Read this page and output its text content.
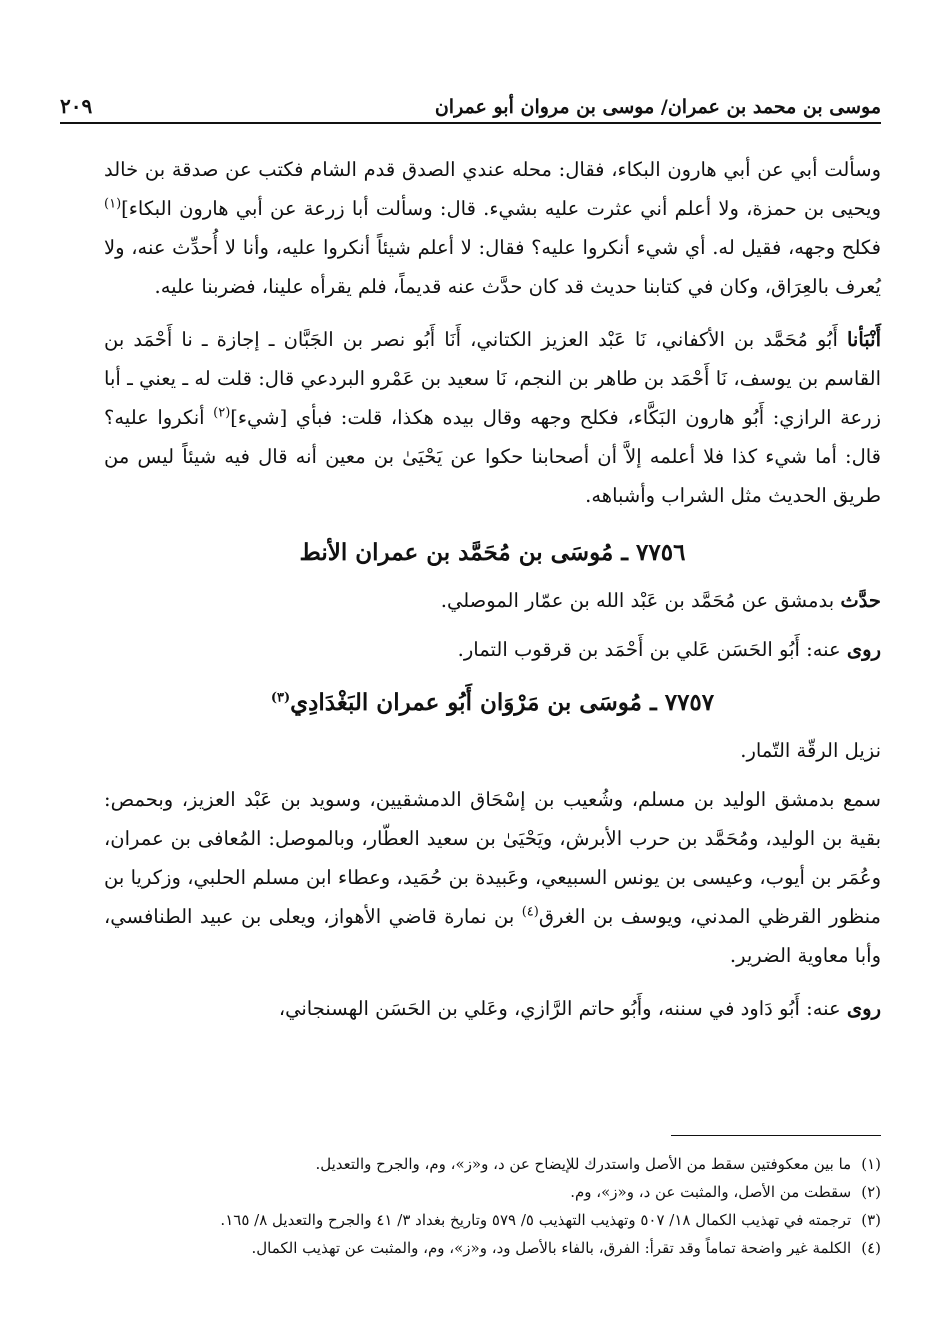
موسى بن محمد بن عمران/ موسى بن مروان أبو عمران
٢٠٩

وسألت أبي عن أبي هارون البكاء، فقال: محله عندي الصدق قدم الشام فكتب عن صدقة بن خالد ويحيى بن حمزة، ولا أعلم أني عثرت عليه بشيء. قال: وسألت أبا زرعة عن أبي هارون البكاء]$^{(١)}$ فكلح وجهه، فقيل له. أي شيء أنكروا عليه؟ فقال: لا أعلم شيئاً أنكروا عليه، وأنا لا أُحدِّث عنه، ولا يُعرف بالعِرَاق، وكان في كتابنا حديث قد كان حدَّث عنه قديماً، فلم يقرأه علينا، فضربنا عليه.

أَنْبَأنا أَبُو مُحَمَّد بن الأكفاني، نَا عَبْد العزيز الكتاني، أَنَا أَبُو نصر بن الجَبَّان ـ إجازة ـ نا أَحْمَد بن القاسم بن يوسف، نَا أَحْمَد بن طاهر بن النجم، نَا سعيد بن عَمْرو البردعي قال: قلت له ـ يعني ـ أبا زرعة الرازي: أَبُو هارون البَكَّاء، فكلح وجهه وقال بيده هكذا، قلت: فبأي [شيء]$^{(٢)}$ أنكروا عليه؟ قال: أما شيء كذا فلا أعلمه إلاَّ أن أصحابنا حكوا عن يَحْيَىٰ بن معين أنه قال فيه شيئاً ليس من طريق الحديث مثل الشراب وأشباهه.

٧٧٥٦ ـ مُوسَى بن مُحَمَّد بن عمران الأنط

حدَّث بدمشق عن مُحَمَّد بن عَبْد الله بن عمّار الموصلي.

روى عنه: أَبُو الحَسَن عَلي بن أَحْمَد بن قرقوب التمار.

٧٧٥٧ ـ مُوسَى بن مَرْوَان أَبُو عمران البَغْدَادِي$^{(٣)}$

نزيل الرقّة التّمار.

سمع بدمشق الوليد بن مسلم، وشُعيب بن إسْحَاق الدمشقيين، وسويد بن عَبْد العزيز، وبحمص: بقية بن الوليد، ومُحَمَّد بن حرب الأبرش، ويَحْيَىٰ بن سعيد العطّار، وبالموصل: المُعافى بن عمران، وعُمَر بن أيوب، وعيسى بن يونس السبيعي، وعَبيدة بن حُمَيد، وعطاء ابن مسلم الحلبي، وزكريا بن منظور القرظي المدني، ويوسف بن الغرق$^{(٤)}$ بن نمارة قاضي الأهواز، ويعلى بن عبيد الطنافسي، وأبا معاوية الضرير.

روى عنه: أَبُو دَاود في سننه، وأَبُو حاتم الرَّازي، وعَلي بن الحَسَن الهسنجاني،

(١)
ما بين معكوفتين سقط من الأصل واستدرك للإيضاح عن د، و«ز»، وم، والجرح والتعديل.
(٢)
سقطت من الأصل، والمثبت عن د، و«ز»، وم.
(٣)
ترجمته في تهذيب الكمال ١٨/ ٥٠٧ وتهذيب التهذيب ٥/ ٥٧٩ وتاريخ بغداد ٣/ ٤١ والجرح والتعديل ٨/ ١٦٥.
(٤)
الكلمة غير واضحة تماماً وقد تقرأ: الفرق، بالفاء بالأصل ود، و«ز»، وم، والمثبت عن تهذيب الكمال.
